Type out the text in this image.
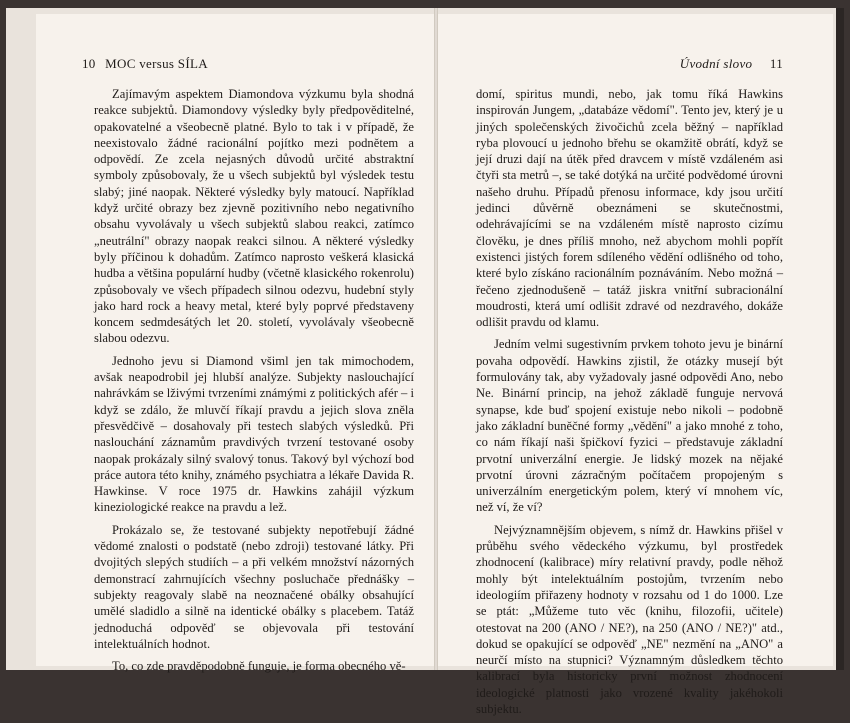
10 MOC versus SÍLA

Zajímavým aspektem Diamondova výzkumu byla shodná reakce subjektů. Diamondovy výsledky byly předpověditelné, opakovatelné a všeobecně platné. Bylo to tak i v případě, že neexistovalo žádné racionální pojítko mezi podnětem a odpovědí. Ze zcela nejasných důvodů určité abstraktní symboly způsobovaly, že u všech subjektů byl výsledek testu slabý; jiné naopak. Některé výsledky byly matoucí. Například když určité obrazy bez zjevně pozitivního nebo negativního obsahu vyvolávaly u všech subjektů slabou reakci, zatímco „neutrální" obrazy naopak reakci silnou. A některé výsledky byly příčinou k dohadům. Zatímco naprosto veškerá klasická hudba a většina populární hudby (včetně klasického rokenrolu) způsobovaly ve všech případech silnou odezvu, hudební styly jako hard rock a heavy metal, které byly poprvé představeny koncem sedmdesátých let 20. století, vyvolávaly všeobecně slabou odezvu.

Jednoho jevu si Diamond všiml jen tak mimochodem, avšak neapodrobil jej hlubší analýze. Subjekty naslouchající nahrávkám se lživými tvrzeními známými z politických afér – i když se zdálo, že mluvčí říkají pravdu a jejich slova zněla přesvědčivě – dosahovaly při testech slabých výsledků. Při naslouchání záznamům pravdivých tvrzení testované osoby naopak prokázaly silný svalový tonus. Takový byl výchozí bod práce autora této knihy, známého psychiatra a lékaře Davida R. Hawkinse. V roce 1975 dr. Hawkins zahájil výzkum kineziologické reakce na pravdu a lež.

Prokázalo se, že testované subjekty nepotřebují žádné vědomé znalosti o podstatě (nebo zdroji) testované látky. Při dvojitých slepých studiích – a při velkém množství názorných demonstrací zahrnujících všechny posluchače přednášky – subjekty reagovaly slabě na neoznačené obálky obsahující umělé sladidlo a silně na identické obálky s placebem. Tatáž jednoduchá odpověď se objevovala při testování intelektuálních hodnot.

To, co zde pravděpodobně funguje, je forma obecného vě-

Úvodní slovo 11

domí, spiritus mundi, nebo, jak tomu říká Hawkins inspirován Jungem, „databáze vědomí". Tento jev, který je u jiných společenských živočichů zcela běžný – například ryba plovoucí u jednoho břehu se okamžitě obrátí, když se její druzi dají na útěk před dravcem v místě vzdáleném asi čtyři sta metrů –, se také dotýká na určité podvědomé úrovni našeho druhu. Případů přenosu informace, kdy jsou určití jedinci důvěrně obeznámeni se skutečnostmi, odehrávajícími se na vzdáleném místě naprosto cizímu člověku, je dnes příliš mnoho, než abychom mohli popřít existenci jistých forem sdíleného vědění odlišného od toho, které bylo získáno racionálním poznáváním. Nebo možná – řečeno zjednodušeně – tatáž jiskra vnitřní subracionální moudrosti, která umí odlišit zdravé od nezdravého, dokáže odlišit pravdu od klamu.

Jedním velmi sugestivním prvkem tohoto jevu je binární povaha odpovědí. Hawkins zjistil, že otázky musejí být formulovány tak, aby vyžadovaly jasné odpovědi Ano, nebo Ne. Binární princip, na jehož základě funguje nervová synapse, kde buď spojení existuje nebo nikoli – podobně jako základní buněčné formy „vědění" a jako mnohé z toho, co nám říkají naši špičkoví fyzici – představuje základní prvotní univerzální energie. Je lidský mozek na nějaké prvotní úrovni zázračným počítačem propojeným s univerzálním energetickým polem, který ví mnohem víc, než ví, že ví?

Nejvýznamnějším objevem, s nímž dr. Hawkins přišel v průběhu svého vědeckého výzkumu, byl prostředek zhodnocení (kalibrace) míry relativní pravdy, podle něhož mohly být intelektuálním postojům, tvrzením nebo ideologiím přiřazeny hodnoty v rozsahu od 1 do 1000. Lze se ptát: „Můžeme tuto věc (knihu, filozofii, učitele) otestovat na 200 (ANO / NE?), na 250 (ANO / NE?)" atd., dokud se opakující se odpověď „NE" nezmění na „ANO" a neurčí místo na stupnici? Významným důsledkem těchto kalibrací byla historicky první možnost zhodnocení ideologické platnosti jako vrozené kvality jakéhokoli subjektu.
